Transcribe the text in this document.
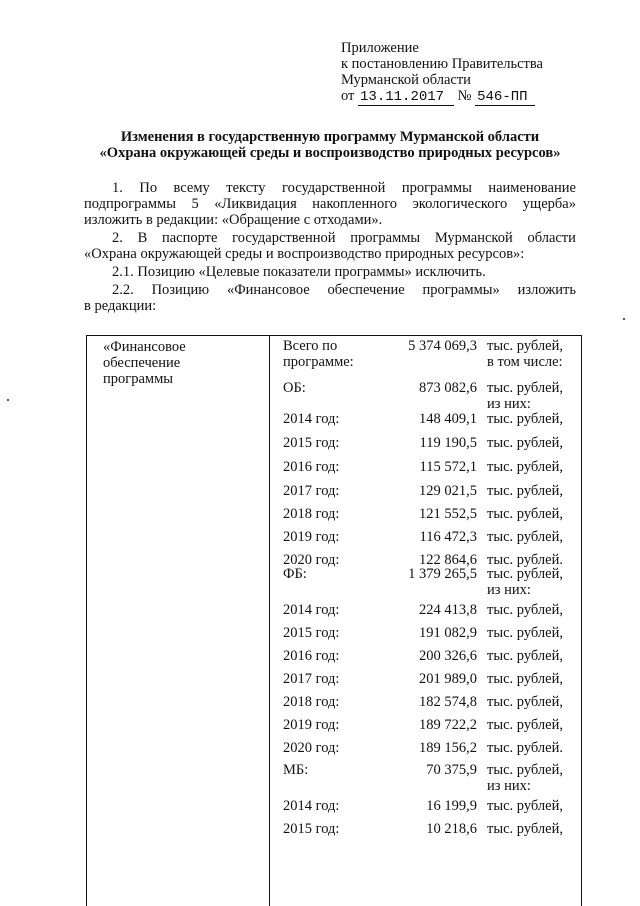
Приложение
к постановлению Правительства
Мурманской области
от 13.11.2017 № 546-ПП
Изменения в государственную программу Мурманской области
«Охрана окружающей среды и воспроизводство природных ресурсов»
1. По всему тексту государственной программы наименование
подпрограммы 5 «Ликвидация накопленного экологического ущерба»
изложить в редакции: «Обращение с отходами».
2. В паспорте государственной программы Мурманской области
«Охрана окружающей среды и воспроизводство природных ресурсов»:
2.1. Позицию «Целевые показатели программы» исключить.
2.2. Позицию «Финансовое обеспечение программы» изложить
в редакции:
«Финансовое
обеспечение
программы
Всего по	5 374 069,3 тыс. рублей,
программе:	в том числе:
ОБ:	873 082,6 тыс. рублей,
из них:
2014 год:	148 409,1 тыс. рублей,
2015 год:	119 190,5 тыс. рублей,
2016 год:	115 572,1 тыс. рублей,
2017 год:	129 021,5 тыс. рублей,
2018 год:	121 552,5 тыс. рублей,
2019 год:	116 472,3 тыс. рублей,
2020 год:	122 864,6 тыс. рублей.
ФБ:	1 379 265,5 тыс. рублей,
из них:
2014 год:	224 413,8 тыс. рублей,
2015 год:	191 082,9 тыс. рублей,
2016 год:	200 326,6 тыс. рублей,
2017 год:	201 989,0 тыс. рублей,
2018 год:	182 574,8 тыс. рублей,
2019 год:	189 722,2 тыс. рублей,
2020 год:	189 156,2 тыс. рублей.
МБ:	70 375,9 тыс. рублей,
из них:
2014 год:	16 199,9 тыс. рублей,
2015 год:	10 218,6 тыс. рублей,
